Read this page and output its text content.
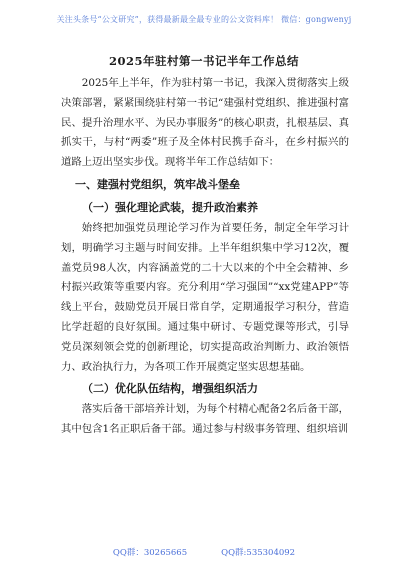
关注头条号“公文研究”，获得最新最全最专业的公文资料库！ 微信：gongwenyj
2025年驻村第一书记半年工作总结

2025年上半年，作为驻村第一书记，我深入贯彻落实上级决策部署，紧紧围绕驻村第一书记“建强村党组织、推进强村富民、提升治理水平、为民办事服务”的核心职责，扎根基层、真抓实干，与村“两委”班子及全体村民携手奋斗，在乡村振兴的道路上迈出坚实步伐。现将半年工作总结如下：

一、建强村党组织，筑牢战斗堡垒

（一）强化理论武装，提升政治素养

始终把加强党员理论学习作为首要任务，制定全年学习计划，明确学习主题与时间安排。上半年组织集中学习12次，覆盖党员98人次，内容涵盖党的二十大以来的个中全会精神、乡村振兴政策等重要内容。充分利用“学习强国”“xx党建APP”等线上平台，鼓励党员开展日常自学，定期通报学习积分，营造比学赶超的良好氛围。通过集中研讨、专题党课等形式，引导党员深刻领会党的创新理论，切实提高政治判断力、政治领悟力、政治执行力，为各项工作开展奠定坚实思想基础。

（二）优化队伍结构，增强组织活力

落实后备干部培养计划，为每个村精心配备2名后备干部，其中包含1名正职后备干部。通过参与村级事务管理、组织培训

QQ群：30265665	QQ群:535304092
